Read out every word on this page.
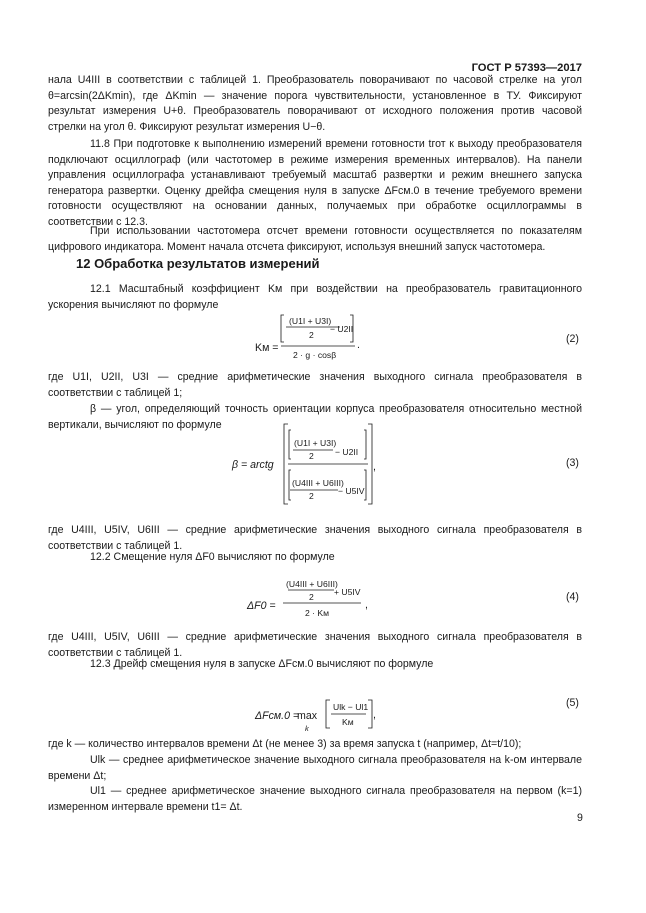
ГОСТ Р 57393—2017

нала U4III в соответствии с таблицей 1. Преобразователь поворачивают по часовой стрелке на угол θ=arcsin(2ΔKmin), где ΔKmin — значение порога чувствительности, установленное в ТУ. Фиксируют результат измерения U+θ. Преобразователь поворачивают от исходного положения против часовой стрелки на угол θ. Фиксируют результат измерения U−θ.

11.8 При подготовке к выполнению измерений времени готовности tгот к выходу преобразователя подключают осциллограф (или частотомер в режиме измерения временных интервалов). На панели управления осциллографа устанавливают требуемый масштаб развертки и режим внешнего запуска генератора развертки. Оценку дрейфа смещения нуля в запуске ΔFсм.0 в течение требуемого времени готовности осуществляют на основании данных, получаемых при обработке осциллограммы в соответствии с 12.3.

При использовании частотомера отсчет времени готовности осуществляется по показателям цифрового индикатора. Момент начала отсчета фиксируют, используя внешний запуск частотомера.

12 Обработка результатов измерений

12.1 Масштабный коэффициент Kм при воздействии на преобразователь гравитационного ускорения вычисляют по формуле

где U1I, U2II, U3I — средние арифметические значения выходного сигнала преобразователя в соответствии с таблицей 1;

β — угол, определяющий точность ориентации корпуса преобразователя относительно местной вертикали, вычисляют по формуле

где U4III, U5IV, U6III — средние арифметические значения выходного сигнала преобразователя в соответствии с таблицей 1.

12.2 Смещение нуля ΔF0 вычисляют по формуле

где U4III, U5IV, U6III — средние арифметические значения выходного сигнала преобразователя в соответствии с таблицей 1.

12.3 Дрейф смещения нуля в запуске ΔFсм.0 вычисляют по формуле

где k — количество интервалов времени Δt (не менее 3) за время запуска t (например, Δt=t/10);

Ulk — среднее арифметическое значение выходного сигнала преобразователя на k-ом интервале времени Δt;

Ul1 — среднее арифметическое значение выходного сигнала преобразователя на первом (k=1) измеренном интервале времени t1= Δt.

(2)
(3)
(4)
(5)
Kм =
(U1I + U3I)
2
− U2II
2 · g · cosβ
.
β = arctg
(U1I + U3I)
2 − U2II
(U4III + U6III)
2	− U5IV
,
ΔF0 =
(U4III + U6III)
2 + U5IV
2 · Kм
,
ΔFсм.0 =
max
k
Ulk − Ul1
Kм
,
9
